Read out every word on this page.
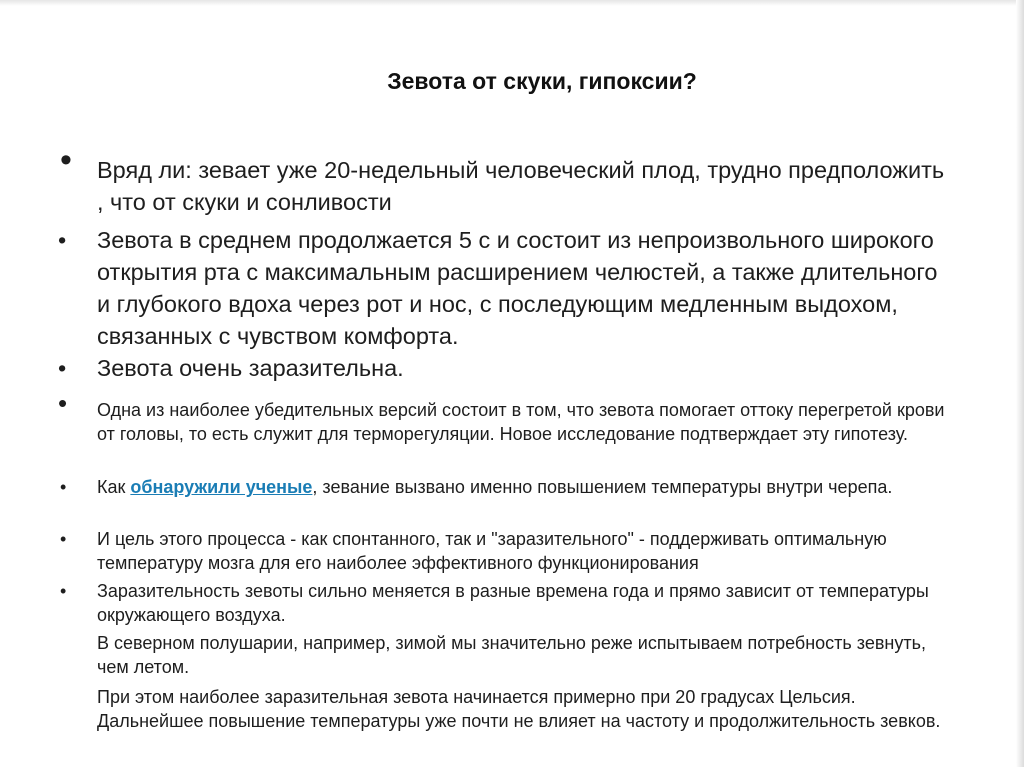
Зевота от скуки, гипоксии?
• Вряд ли: зевает уже 20-недельный человеческий плод, трудно предположить , что от скуки и сонливости
• Зевота в среднем продолжается 5 с и состоит из непроизвольного широкого открытия рта с максимальным расширением челюстей, а также длительного и глубокого вдоха через рот и нос, с последующим медленным выдохом, связанных с чувством комфорта.
• Зевота очень заразительна.
• Одна из наиболее убедительных версий состоит в том, что зевота помогает оттоку перегретой крови от головы, то есть служит для терморегуляции. Новое исследование подтверждает эту гипотезу.
• Как обнаружили ученые, зевание вызвано именно повышением температуры внутри черепа.
• И цель этого процесса - как спонтанного, так и "заразительного" - поддерживать оптимальную температуру мозга для его наиболее эффективного функционирования
• Заразительность зевоты сильно меняется в разные времена года и прямо зависит от температуры окружающего воздуха.
В северном полушарии, например, зимой мы значительно реже испытываем потребность зевнуть, чем летом.
При этом наиболее заразительная зевота начинается примерно при 20 градусах Цельсия. Дальнейшее повышение температуры уже почти не влияет на частоту и продолжительность зевков.
